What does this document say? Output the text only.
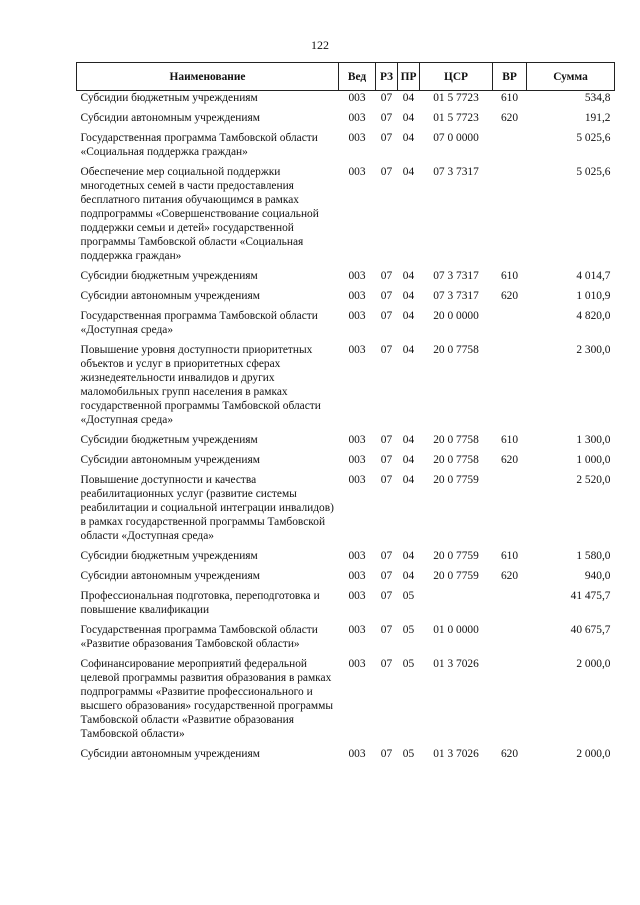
122
Наименование	Вед	РЗ	ПР	ЦСР	ВР	Сумма
Субсидии бюджетным учреждениям	003	07	04	01 5 7723	610	534,8
Субсидии автономным учреждениям	003	07	04	01 5 7723	620	191,2
Государственная программа Тамбовской области «Социальная поддержка граждан»	003	07	04	07 0 0000		5 025,6
Обеспечение мер социальной поддержки многодетных семей в части предоставления бесплатного питания обучающимся в рамках подпрограммы «Совершенствование социальной поддержки семьи и детей» государственной программы Тамбовской области «Социальная поддержка граждан»	003	07	04	07 3 7317		5 025,6
Субсидии бюджетным учреждениям	003	07	04	07 3 7317	610	4 014,7
Субсидии автономным учреждениям	003	07	04	07 3 7317	620	1 010,9
Государственная программа Тамбовской области «Доступная среда»	003	07	04	20 0 0000		4 820,0
Повышение уровня доступности приоритетных объектов и услуг в приоритетных сферах жизнедеятельности инвалидов и других маломобильных групп населения в рамках государственной программы Тамбовской области «Доступная среда»	003	07	04	20 0 7758		2 300,0
Субсидии бюджетным учреждениям	003	07	04	20 0 7758	610	1 300,0
Субсидии автономным учреждениям	003	07	04	20 0 7758	620	1 000,0
Повышение доступности и качества реабилитационных услуг (развитие системы реабилитации и социальной интеграции инвалидов) в рамках государственной программы Тамбовской области «Доступная среда»	003	07	04	20 0 7759		2 520,0
Субсидии бюджетным учреждениям	003	07	04	20 0 7759	610	1 580,0
Субсидии автономным учреждениям	003	07	04	20 0 7759	620	940,0
Профессиональная подготовка, переподготовка и повышение квалификации	003	07	05			41 475,7
Государственная программа Тамбовской области «Развитие образования Тамбовской области»	003	07	05	01 0 0000		40 675,7
Софинансирование мероприятий федеральной целевой программы развития образования в рамках подпрограммы «Развитие профессионального и высшего образования» государственной программы Тамбовской области «Развитие образования Тамбовской области»	003	07	05	01 3 7026		2 000,0
Субсидии автономным учреждениям	003	07	05	01 3 7026	620	2 000,0
